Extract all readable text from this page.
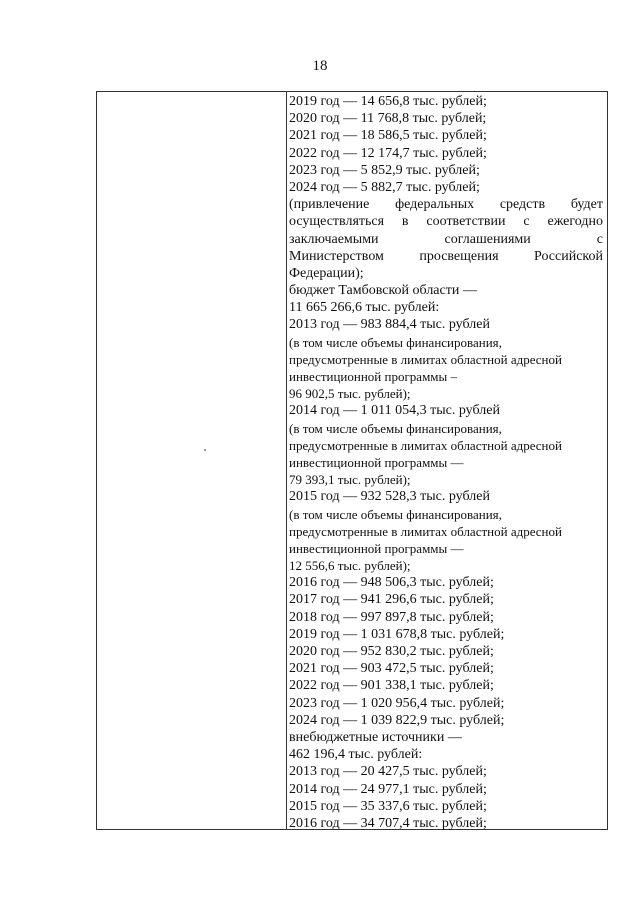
18
2019 год — 14 656,8 тыс. рублей;
2020 год — 11 768,8 тыс. рублей;
2021 год — 18 586,5 тыс. рублей;
2022 год — 12 174,7 тыс. рублей;
2023 год — 5 852,9 тыс. рублей;
2024 год — 5 882,7 тыс. рублей;
(привлечение федеральных средств будет
осуществляться в соответствии с ежегодно
заключаемыми соглашениями с
Министерством просвещения Российской
Федерации);
бюджет Тамбовской области —
11 665 266,6 тыс. рублей:
2013 год — 983 884,4 тыс. рублей
(в том числе объемы финансирования,
предусмотренные в лимитах областной адресной
инвестиционной программы –
96 902,5 тыс. рублей);
2014 год — 1 011 054,3 тыс. рублей
(в том числе объемы финансирования,
предусмотренные в лимитах областной адресной
инвестиционной программы —
79 393,1 тыс. рублей);
2015 год — 932 528,3 тыс. рублей
(в том числе объемы финансирования,
предусмотренные в лимитах областной адресной
инвестиционной программы —
12 556,6 тыс. рублей);
2016 год — 948 506,3 тыс. рублей;
2017 год — 941 296,6 тыс. рублей;
2018 год — 997 897,8 тыс. рублей;
2019 год — 1 031 678,8 тыс. рублей;
2020 год — 952 830,2 тыс. рублей;
2021 год — 903 472,5 тыс. рублей;
2022 год — 901 338,1 тыс. рублей;
2023 год — 1 020 956,4 тыс. рублей;
2024 год — 1 039 822,9 тыс. рублей;
внебюджетные источники —
462 196,4 тыс. рублей:
2013 год — 20 427,5 тыс. рублей;
2014 год — 24 977,1 тыс. рублей;
2015 год — 35 337,6 тыс. рублей;
2016 год — 34 707,4 тыс. рублей;
